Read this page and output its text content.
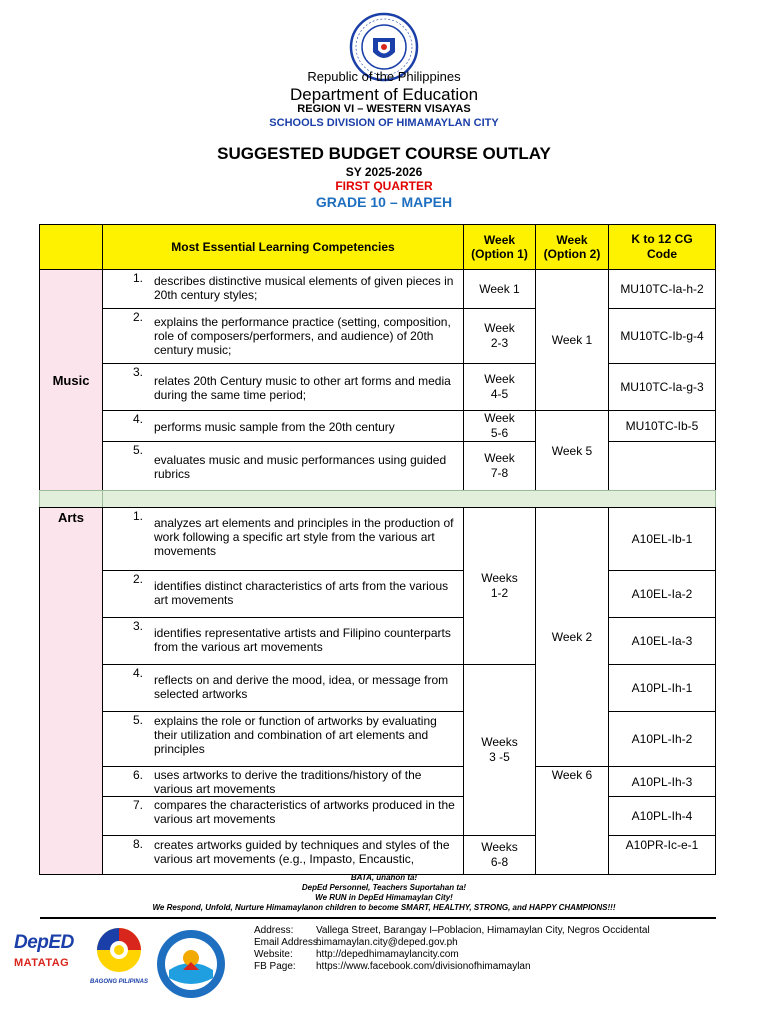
Republic of the Philippines
Department of Education
REGION VI – WESTERN VISAYAS
SCHOOLS DIVISION OF HIMAMAYLAN CITY
SUGGESTED BUDGET COURSE OUTLAY
SY 2025-2026
FIRST QUARTER
GRADE 10 – MAPEH
Most Essential Learning Competencies	Week (Option 1)
Week (Option 2)
K to 12 CG Code
Music
1. describes distinctive musical elements of given pieces in 20th century styles;
2. explains the performance practice (setting, composition, role of composers/performers, and audience) of 20th century music;
3.
relates 20th Century music to other art forms and media during the same time period;
4.
performs music sample from the 20th century
5.
evaluates music and music performances using guided rubrics
Week 1
Week 2-3
Week 4-5
Week 5-6
Week 7-8
Week 1
Week 5
MU10TC-Ia-h-2
MU10TC-Ib-g-4
MU10TC-Ia-g-3
MU10TC-Ib-5
Arts	1. analyzes art elements and principles in the production of work following a specific art style from the various art movements
2. identifies distinct characteristics of arts from the various art movements
3. identifies representative artists and Filipino counterparts from the various art movements
4. reflects on and derive the mood, idea, or message from selected artworks
5. explains the role or function of artworks by evaluating their utilization and combination of art elements and principles
6. uses artworks to derive the traditions/history of the various art movements
7. compares the characteristics of artworks produced in the various art movements
8. creates artworks guided by techniques and styles of the various art movements (e.g., Impasto, Encaustic,
Weeks 1-2
Weeks 3 -5
Weeks 6-8
Week 2
Week 6
A10EL-Ib-1
A10EL-Ia-2
A10EL-Ia-3
A10PL-Ih-1
A10PL-Ih-2
A10PL-Ih-3
A10PL-Ih-4
A10PR-Ic-e-1
BATA, unahon ta!
DepEd Personnel, Teachers Suportahan ta!
We RUN in DepEd Himamaylan City!
We Respond, Unfold, Nurture Himamaylanon children to become SMART, HEALTHY, STRONG, and HAPPY CHAMPIONS!!!
DepED
MATATAG
BAGONG PILIPINAS
Address: Vallega Street, Barangay I–Poblacion, Himamaylan City, Negros Occidental
Email Address:
himamaylan.city@deped.gov.ph
Website: http://depedhimamaylancity.com
FB Page: https://www.facebook.com/divisionofhimamaylan
